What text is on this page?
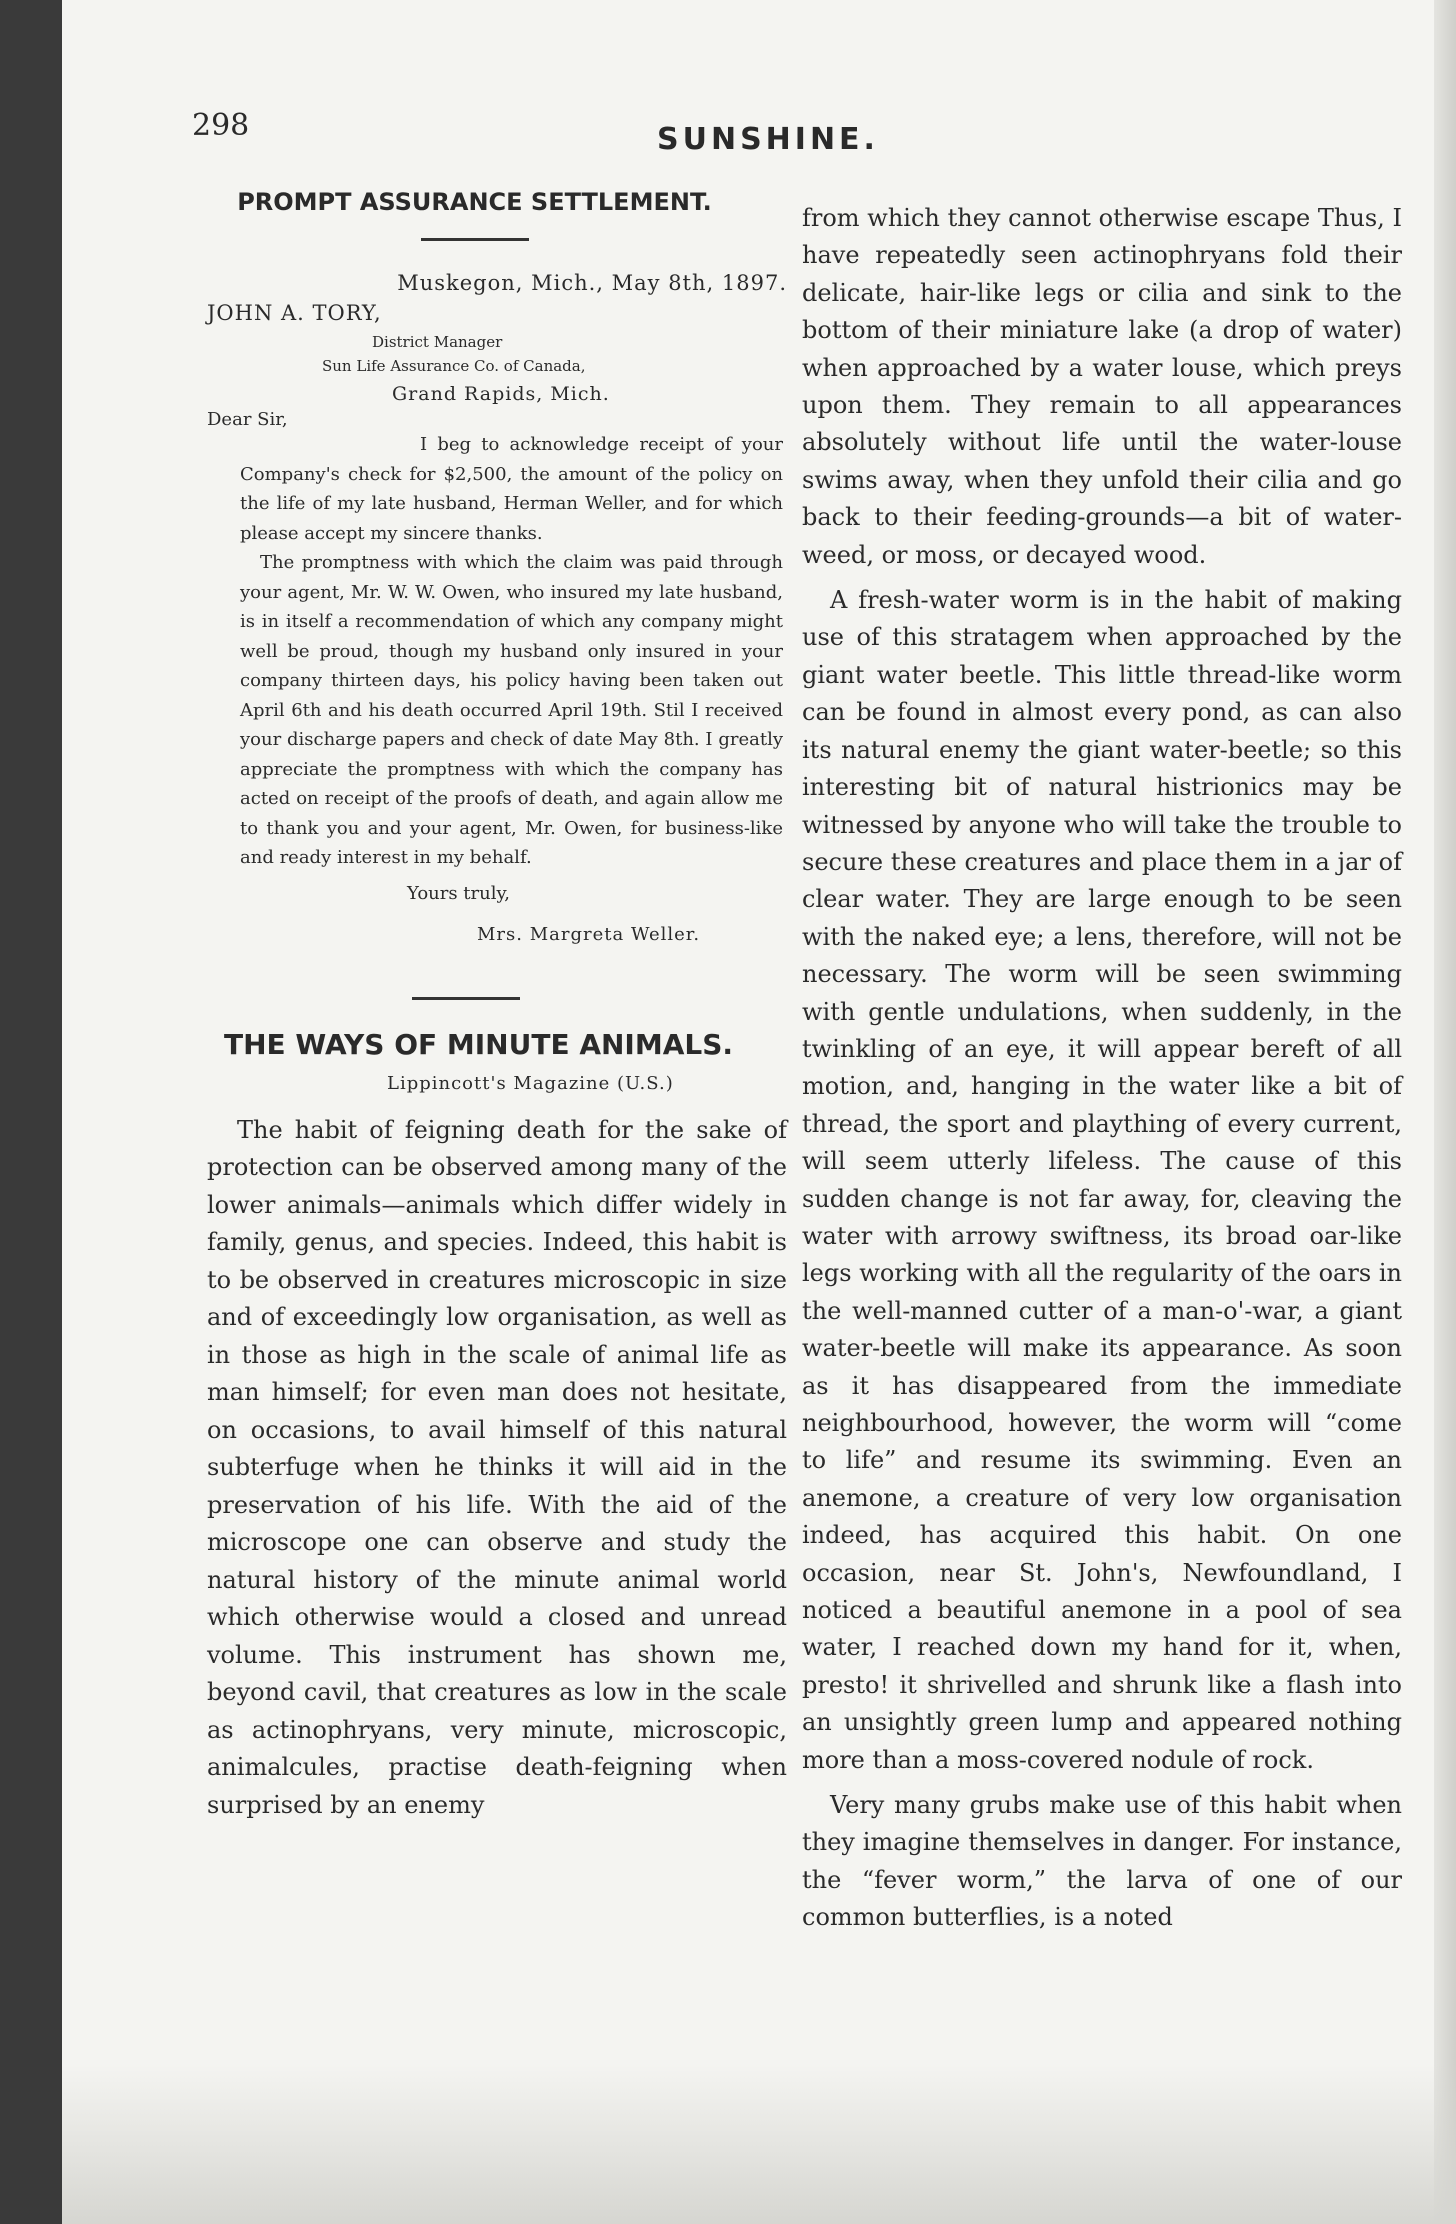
298	SUNSHINE.
PROMPT ASSURANCE SETTLEMENT.
Muskegon, Mich., May 8th, 1897.
JOHN A. TORY,
District Manager
Sun Life Assurance Co. of Canada,
Grand Rapids, Mich.
Dear Sir,

I beg to acknowledge receipt of your Company's check for $2,500, the amount of the policy on the life of my late husband, Herman Weller, and for which please accept my sincere thanks.

The promptness with which the claim was paid through your agent, Mr. W. W. Owen, who insured my late husband, is in itself a recommendation of which any company might well be proud, though my husband only insured in your company thirteen days, his policy having been taken out April 6th and his death occurred April 19th. Stil I received your discharge papers and check of date May 8th. I greatly appreciate the promptness with which the company has acted on receipt of the proofs of death, and again allow me to thank you and your agent, Mr. Owen, for business-like and ready interest in my behalf.

Yours truly,
Mrs. Margreta Weller.
THE WAYS OF MINUTE ANIMALS.
Lippincott's Magazine (U.S.)

The habit of feigning death for the sake of protection can be observed among many of the lower animals—animals which differ widely in family, genus, and species. Indeed, this habit is to be observed in creatures microscopic in size and of exceedingly low organisation, as well as in those as high in the scale of animal life as man himself; for even man does not hesitate, on occasions, to avail himself of this natural subterfuge when he thinks it will aid in the preservation of his life. With the aid of the microscope one can observe and study the natural history of the minute animal world which otherwise would a closed and unread volume. This instrument has shown me, beyond cavil, that creatures as low in the scale as actinophryans, very minute, microscopic, animalcules, practise death-feigning when surprised by an enemy

from which they cannot otherwise escape Thus, I have repeatedly seen actinophryans fold their delicate, hair-like legs or cilia and sink to the bottom of their miniature lake (a drop of water) when approached by a water louse, which preys upon them. They remain to all appearances absolutely without life until the water-louse swims away, when they unfold their cilia and go back to their feeding-grounds—a bit of water-weed, or moss, or decayed wood.

A fresh-water worm is in the habit of making use of this stratagem when approached by the giant water beetle. This little thread-like worm can be found in almost every pond, as can also its natural enemy the giant water-beetle; so this interesting bit of natural histrionics may be witnessed by anyone who will take the trouble to secure these creatures and place them in a jar of clear water. They are large enough to be seen with the naked eye; a lens, therefore, will not be necessary. The worm will be seen swimming with gentle undulations, when suddenly, in the twinkling of an eye, it will appear bereft of all motion, and, hanging in the water like a bit of thread, the sport and plaything of every current, will seem utterly lifeless. The cause of this sudden change is not far away, for, cleaving the water with arrowy swiftness, its broad oar-like legs working with all the regularity of the oars in the well-manned cutter of a man-o'-war, a giant water-beetle will make its appearance. As soon as it has disappeared from the immediate neighbourhood, however, the worm will “come to life” and resume its swimming. Even an anemone, a creature of very low organisation indeed, has acquired this habit. On one occasion, near St. John's, Newfoundland, I noticed a beautiful anemone in a pool of sea water, I reached down my hand for it, when, presto! it shrivelled and shrunk like a flash into an unsightly green lump and appeared nothing more than a moss-covered nodule of rock.

Very many grubs make use of this habit when they imagine themselves in danger. For instance, the “fever worm,” the larva of one of our common butterflies, is a noted
